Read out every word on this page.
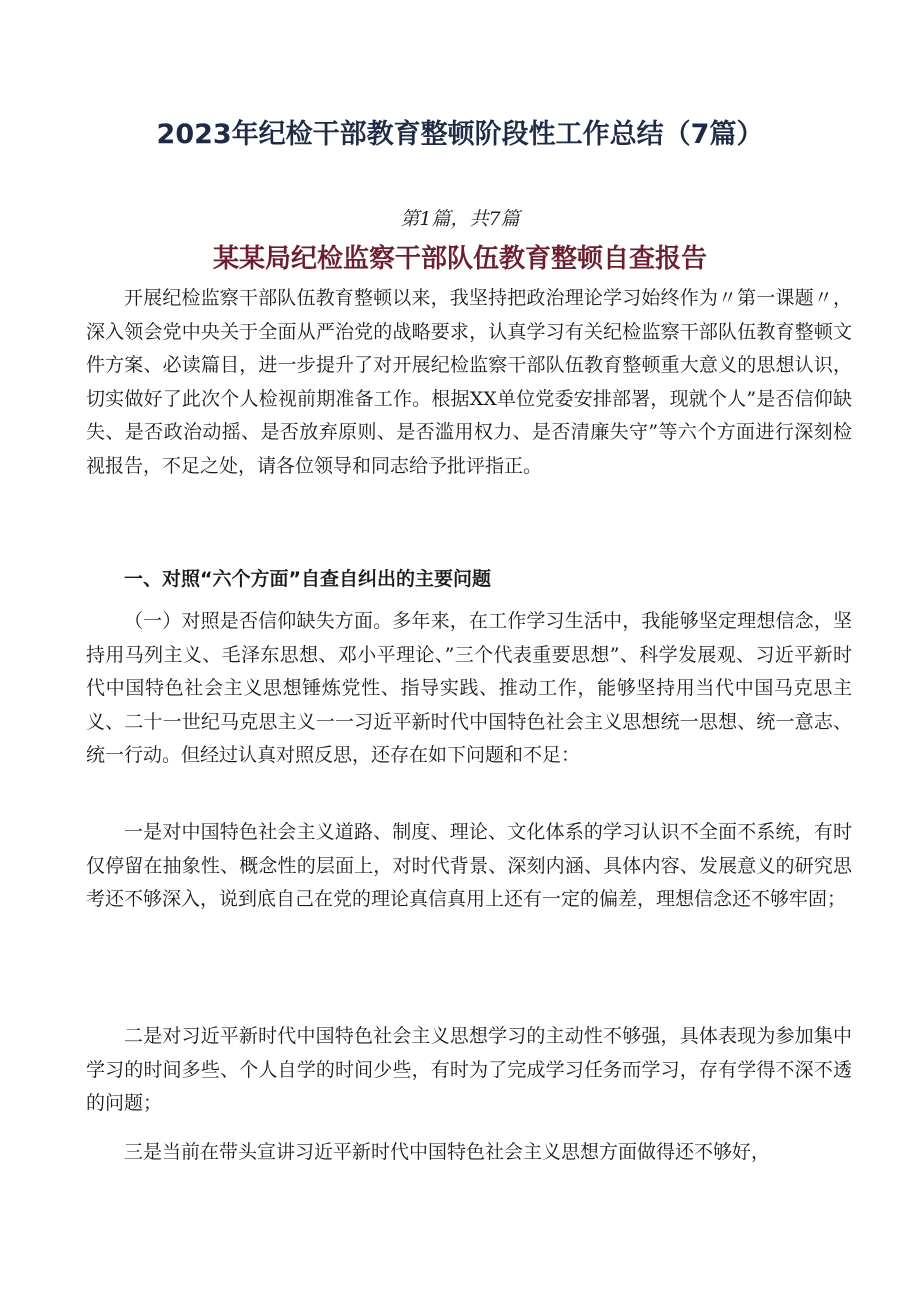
2023年纪检干部教育整顿阶段性工作总结（7篇）
第1篇，共7篇
某某局纪检监察干部队伍教育整顿自查报告

开展纪检监察干部队伍教育整顿以来，我坚持把政治理论学习始终作为〃第一课题〃，深入领会党中央关于全面从严治党的战略要求，认真学习有关纪检监察干部队伍教育整顿文件方案、必读篇目，进一步提升了对开展纪检监察干部队伍教育整顿重大意义的思想认识，切实做好了此次个人检视前期准备工作。根据XX单位党委安排部署，现就个人”是否信仰缺失、是否政治动摇、是否放弃原则、是否滥用权力、是否清廉失守”等六个方面进行深刻检视报告，不足之处，请各位领导和同志给予批评指正。

一、对照“六个方面”自查自纠出的主要问题

（一）对照是否信仰缺失方面。多年来，在工作学习生活中，我能够坚定理想信念，坚持用马列主义、毛泽东思想、邓小平理论、”三个代表重要思想”、科学发展观、习近平新时代中国特色社会主义思想锤炼党性、指导实践、推动工作，能够坚持用当代中国马克思主义、二十一世纪马克思主义一一习近平新时代中国特色社会主义思想统一思想、统一意志、统一行动。但经过认真对照反思，还存在如下问题和不足：

一是对中国特色社会主义道路、制度、理论、文化体系的学习认识不全面不系统，有时仅停留在抽象性、概念性的层面上，对时代背景、深刻内涵、具体内容、发展意义的研究思考还不够深入，说到底自己在党的理论真信真用上还有一定的偏差，理想信念还不够牢固；

二是对习近平新时代中国特色社会主义思想学习的主动性不够强，具体表现为参加集中学习的时间多些、个人自学的时间少些，有时为了完成学习任务而学习，存有学得不深不透的问题；

三是当前在带头宣讲习近平新时代中国特色社会主义思想方面做得还不够好，
